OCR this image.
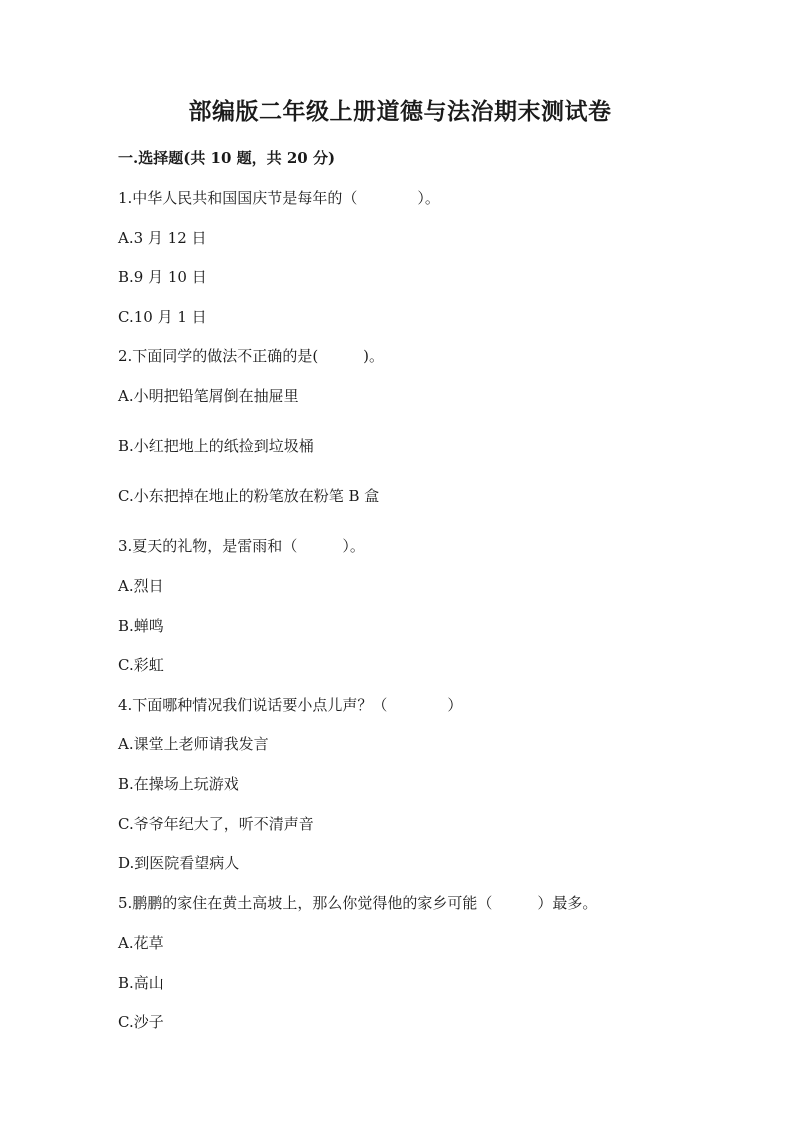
部编版二年级上册道德与法治期末测试卷
一.选择题(共 10 题，共 20 分)
1.中华人民共和国国庆节是每年的（　　　　）。
A.3 月 12 日
B.9 月 10 日
C.10 月 1 日
2.下面同学的做法不正确的是(　　　)。
A.小明把铅笔屑倒在抽屉里
B.小红把地上的纸捡到垃圾桶
C.小东把掉在地止的粉笔放在粉笔 B 盒
3.夏天的礼物，是雷雨和（　　　）。
A.烈日
B.蝉鸣
C.彩虹
4.下面哪种情况我们说话要小点儿声？（　　　　）
A.课堂上老师请我发言
B.在操场上玩游戏
C.爷爷年纪大了，听不清声音
D.到医院看望病人
5.鹏鹏的家住在黄土高坡上，那么你觉得他的家乡可能（　　　）最多。
A.花草
B.高山
C.沙子
